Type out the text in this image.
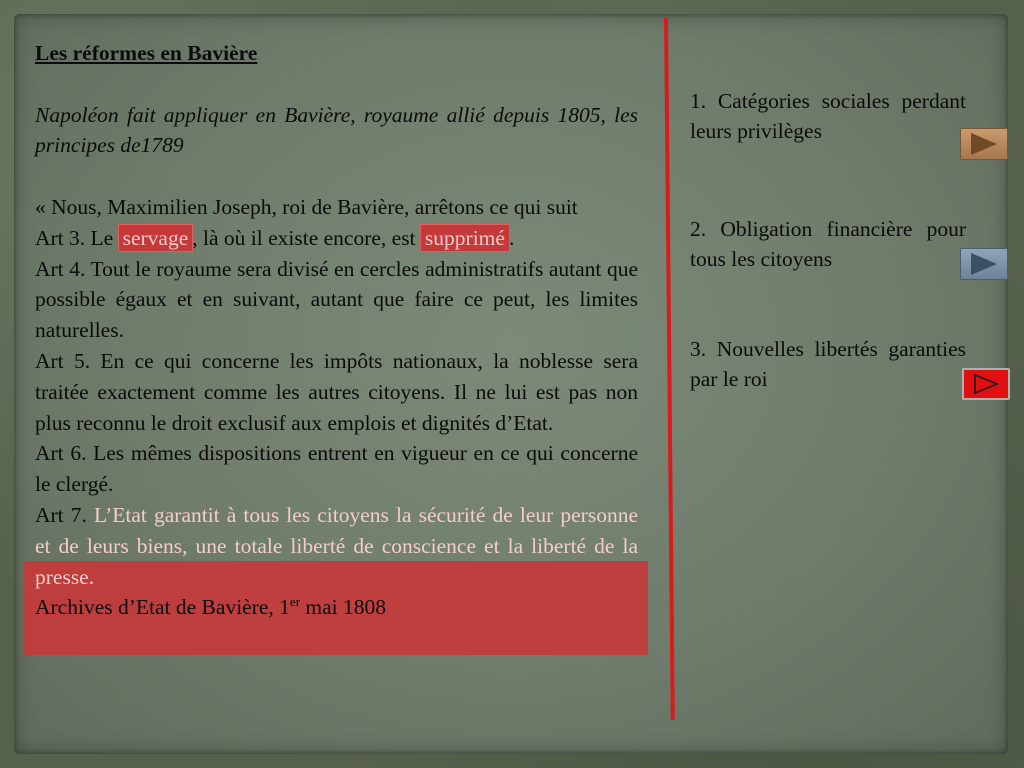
Les réformes en Bavière

Napoléon fait appliquer en Bavière, royaume allié depuis 1805, les principes de1789

« Nous, Maximilien Joseph, roi de Bavière, arrêtons ce qui suit

Art 3. Le servage , là où il existe encore, est supprimé .

Art 4. Tout le royaume sera divisé en cercles administratifs autant que possible égaux et en suivant, autant que faire ce peut, les limites naturelles.

Art 5. En ce qui concerne les impôts nationaux, la noblesse sera traitée exactement comme les autres citoyens. Il ne lui est pas non plus reconnu le droit exclusif aux emplois et dignités d’Etat.

Art 6. Les mêmes dispositions entrent en vigueur en ce qui concerne le clergé.

Art 7. L’Etat garantit à tous les citoyens la sécurité de leur personne et de leurs biens, une totale liberté de conscience et la liberté de la presse.

Archives d’Etat de Bavière, 1er mai 1808

1. Catégories sociales perdant leurs privilèges
2. Obligation financière pour tous les citoyens
3. Nouvelles libertés garanties par le roi
